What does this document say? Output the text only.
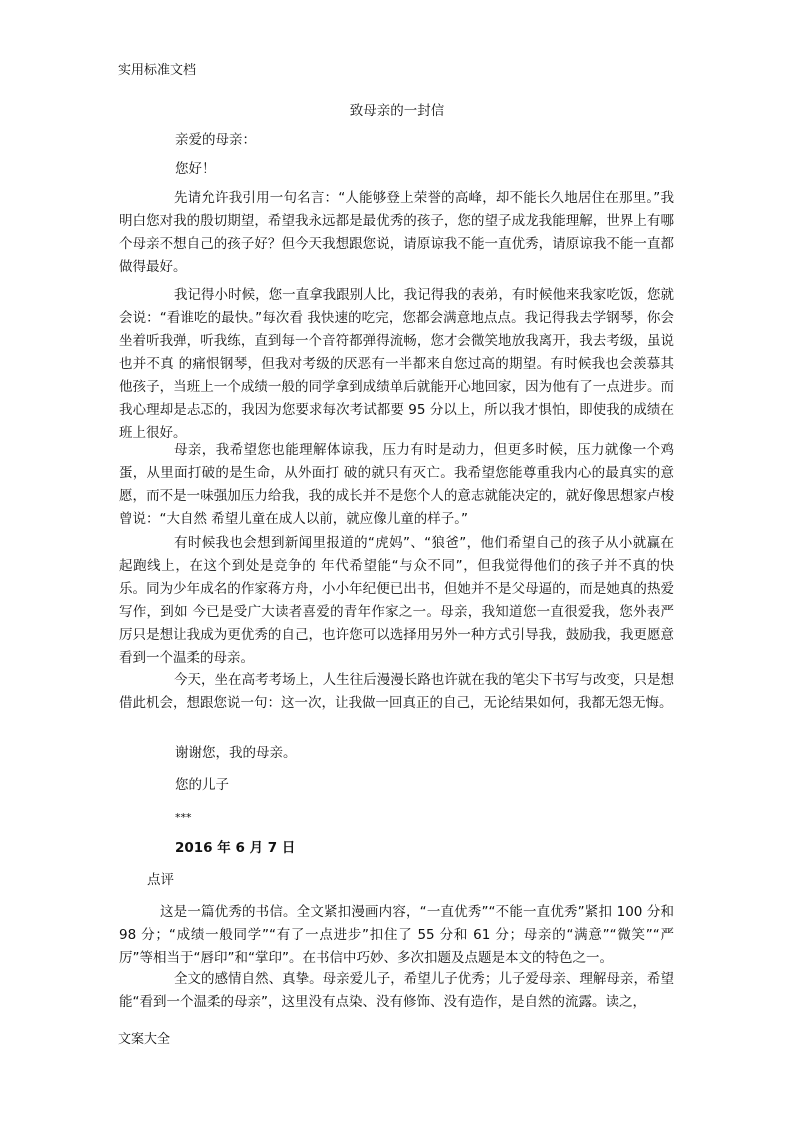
实用标准文档
致母亲的一封信

亲爱的母亲：

您好！

先请允许我引用一句名言：“人能够登上荣誉的高峰，却不能长久地居住在那里。”我明白您对我的殷切期望，希望我永远都是最优秀的孩子，您的望子成龙我能理解，世界上有哪个母亲不想自己的孩子好？但今天我想跟您说，请原谅我不能一直优秀，请原谅我不能一直都做得最好。

我记得小时候，您一直拿我跟别人比，我记得我的表弟，有时候他来我家吃饭，您就会说：“看谁吃的最快。”每次看 我快速的吃完，您都会满意地点点。我记得我去学钢琴，你会坐着听我弹，听我练，直到每一个音符都弹得流畅，您才会微笑地放我离开，我去考级，虽说也并不真 的痛恨钢琴，但我对考级的厌恶有一半都来自您过高的期望。有时候我也会羡慕其他孩子，当班上一个成绩一般的同学拿到成绩单后就能开心地回家，因为他有了一点进步。而我心理却是忐忑的，我因为您要求每次考试都要 95 分以上，所以我才惧怕，即使我的成绩在班上很好。

母亲，我希望您也能理解体谅我，压力有时是动力，但更多时候，压力就像一个鸡蛋，从里面打破的是生命，从外面打 破的就只有灭亡。我希望您能尊重我内心的最真实的意愿，而不是一味强加压力给我，我的成长并不是您个人的意志就能决定的，就好像思想家卢梭曾说：“大自然 希望儿童在成人以前，就应像儿童的样子。”

有时候我也会想到新闻里报道的“虎妈”、“狼爸”，他们希望自己的孩子从小就赢在起跑线上，在这个到处是竞争的 年代希望能“与众不同”，但我觉得他们的孩子并不真的快乐。同为少年成名的作家蒋方舟，小小年纪便已出书，但她并不是父母逼的，而是她真的热爱写作，到如 今已是受广大读者喜爱的青年作家之一。母亲，我知道您一直很爱我，您外表严厉只是想让我成为更优秀的自己，也许您可以选择用另外一种方式引导我，鼓励我，我更愿意看到一个温柔的母亲。

今天，坐在高考考场上，人生往后漫漫长路也许就在我的笔尖下书写与改变，只是想借此机会，想跟您说一句：这一次，让我做一回真正的自己，无论结果如何，我都无怨无悔。

谢谢您，我的母亲。

您的儿子

***

2016 年 6 月 7 日

点评

这是一篇优秀的书信。全文紧扣漫画内容，“一直优秀”“不能一直优秀”紧扣 100 分和 98 分；“成绩一般同学”“有了一点进步”扣住了 55 分和 61 分；母亲的“满意”“微笑”“严厉”等相当于“唇印”和“掌印”。在书信中巧妙、多次扣题及点题是本文的特色之一。

全文的感情自然、真挚。母亲爱儿子，希望儿子优秀；儿子爱母亲、理解母亲，希望能“看到一个温柔的母亲”，这里没有点染、没有修饰、没有造作，是自然的流露。读之，

文案大全
